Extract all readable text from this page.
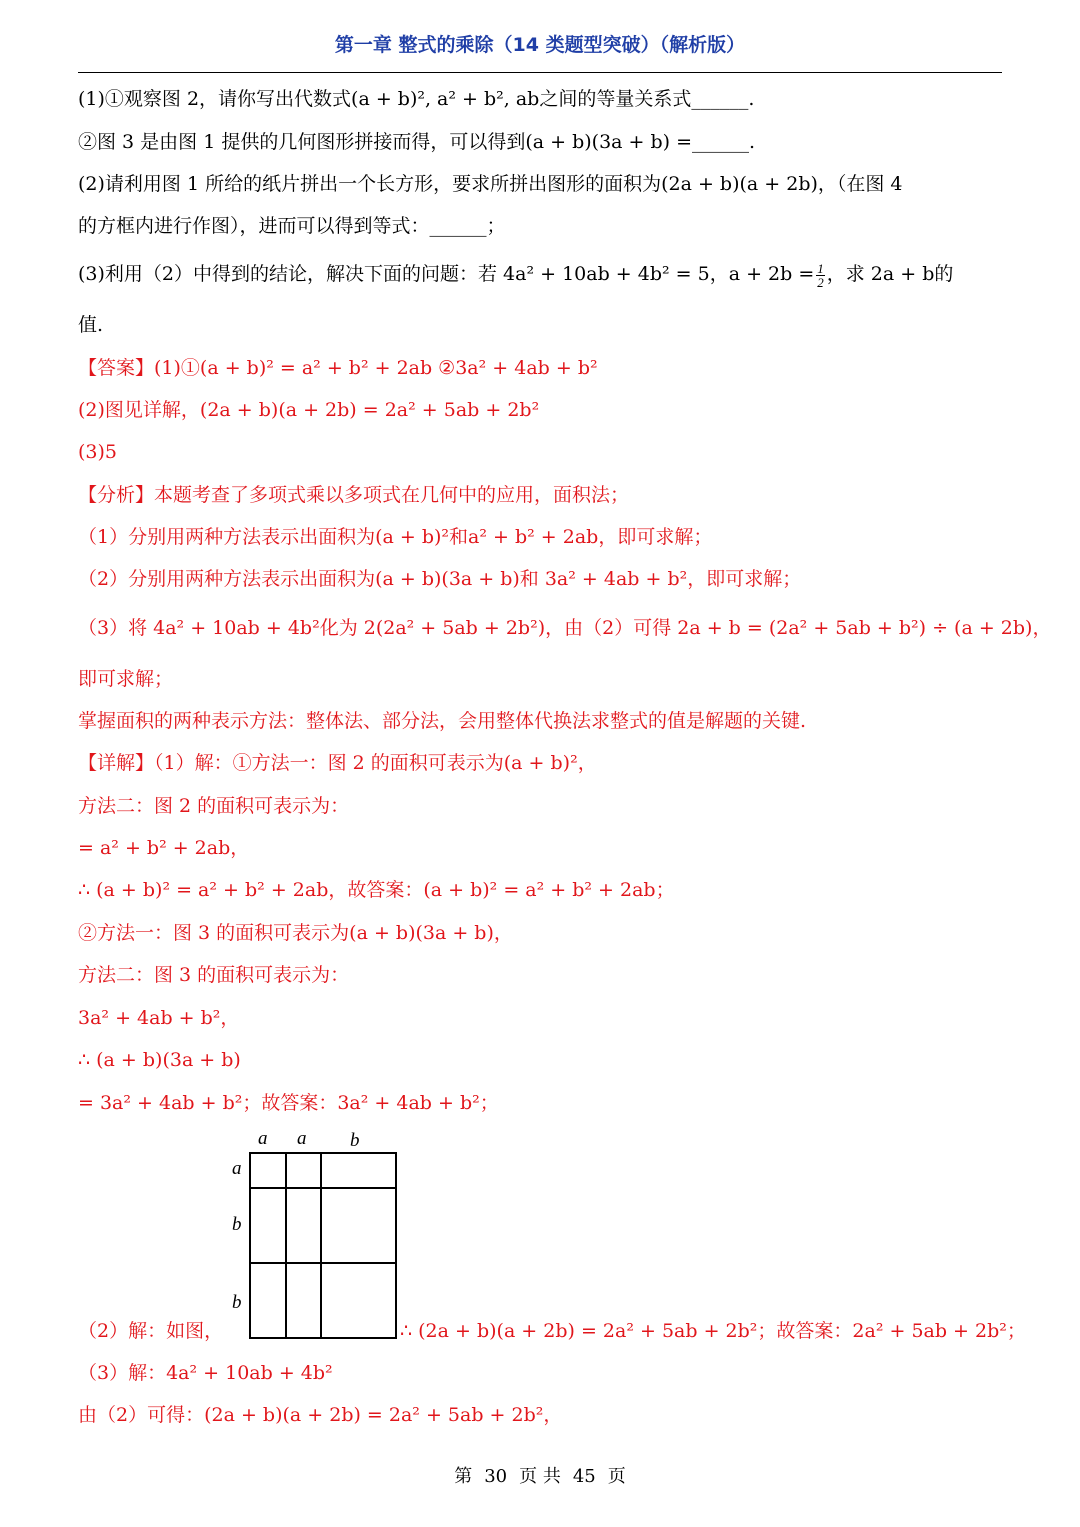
第一章 整式的乘除（14 类题型突破）（解析版）
(1)①观察图 2，请你写出代数式(a + b)², a² + b², ab之间的等量关系式______.
②图 3 是由图 1 提供的几何图形拼接而得，可以得到(a + b)(3a + b) =______.
(2)请利用图 1 所给的纸片拼出一个长方形，要求所拼出图形的面积为(2a + b)(a + 2b)，（在图 4
的方框内进行作图），进而可以得到等式：______；
(3)利用（2）中得到的结论，解决下面的问题：若 4a² + 10ab + 4b² = 5，$a + 2b = \frac{1}{2}$ ，求 2a + b的
值.
【答案】(1)①(a + b)² = a² + b² + 2ab ②3a² + 4ab + b²
(2)图见详解，(2a + b)(a + 2b) = 2a² + 5ab + 2b²
(3)5
【分析】本题考查了多项式乘以多项式在几何中的应用，面积法；
（1）分别用两种方法表示出面积为(a + b)²和a² + b² + 2ab，即可求解；
（2）分别用两种方法表示出面积为(a + b)(3a + b)和 3a² + 4ab + b²，即可求解；
（3）将 4a² + 10ab + 4b²化为 2(2a² + 5ab + 2b²)，由（2）可得 2a + b = (2a² + 5ab + b²) ÷ (a + 2b)，
即可求解；
掌握面积的两种表示方法：整体法、部分法，会用整体代换法求整式的值是解题的关键.
【详解】（1）解：①方法一：图 2 的面积可表示为(a + b)²，
方法二：图 2 的面积可表示为：
= a² + b² + 2ab，
∴ (a + b)² = a² + b² + 2ab，故答案：(a + b)² = a² + b² + 2ab；
②方法一：图 3 的面积可表示为(a + b)(3a + b)，
方法二：图 3 的面积可表示为：
3a² + 4ab + b²，
∴ (a + b)(3a + b)
= 3a² + 4ab + b²；故答案：3a² + 4ab + b²；
a a b
a
b
b
（2）解：如图，	∴ (2a + b)(a + 2b) = 2a² + 5ab + 2b²；故答案：2a² + 5ab + 2b²；
（3）解：4a² + 10ab + 4b²
由（2）可得：(2a + b)(a + 2b) = 2a² + 5ab + 2b²，
第 30 页 共 45 页
